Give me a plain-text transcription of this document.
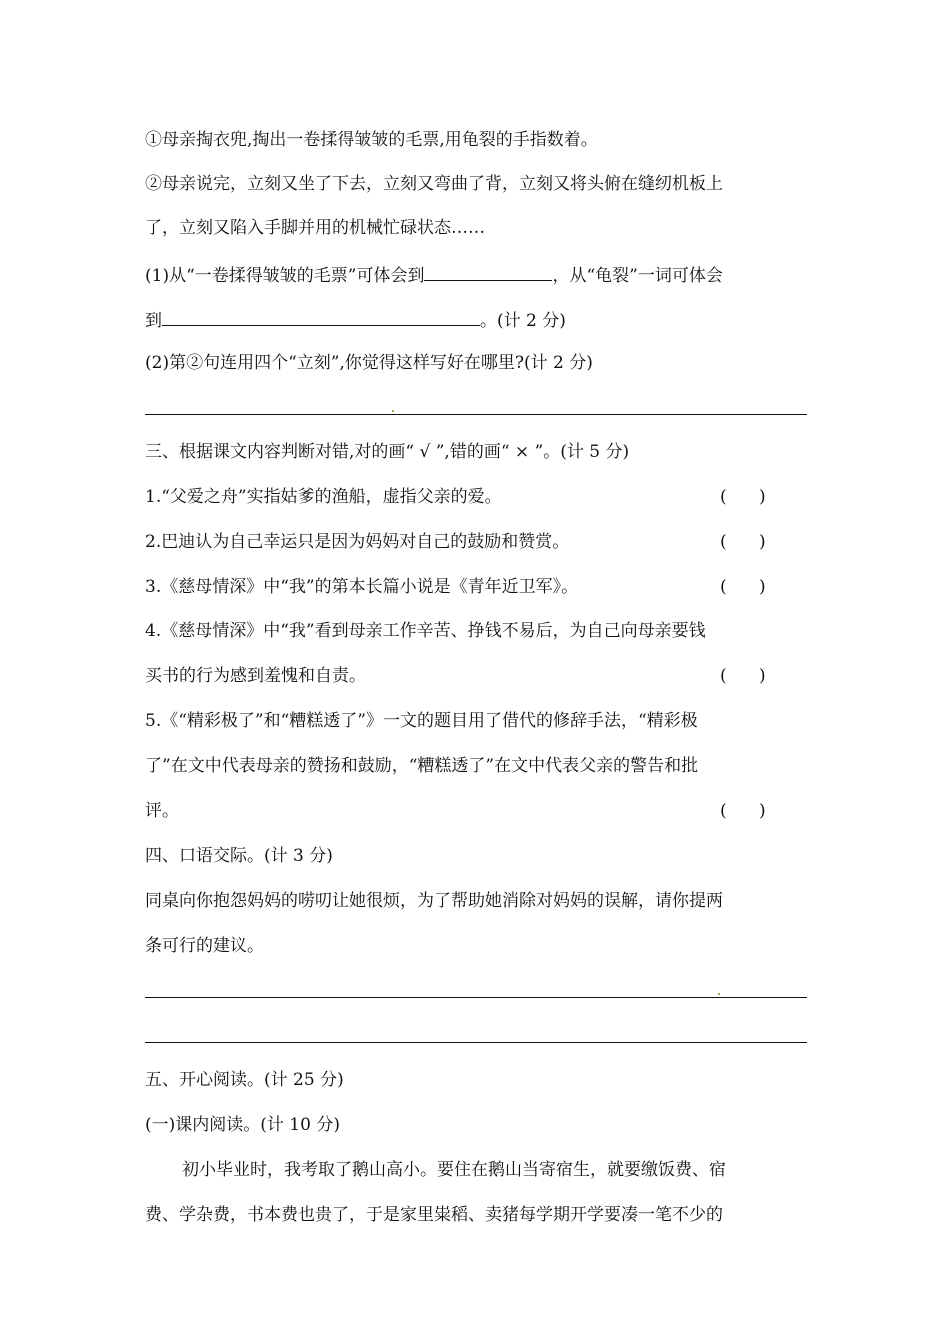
①母亲掏衣兜,掏出一卷揉得皱皱的毛票,用龟裂的手指数着。
②母亲说完，立刻又坐了下去，立刻又弯曲了背，立刻又将头俯在缝纫机板上
了，立刻又陷入手脚并用的机械忙碌状态……
(1)从“一卷揉得皱皱的毛票”可体会到	，从“龟裂”一词可体会
到	。(计 2 分)
(2)第②句连用四个“立刻”,你觉得这样写好在哪里?(计 2 分)
三、根据课文内容判断对错,对的画“ √ ”,错的画“ × ”。(计 5 分)
1.“父爱之舟”实指姑爹的渔船，虚指父亲的爱。	(      )
2.巴迪认为自己幸运只是因为妈妈对自己的鼓励和赞赏。	(      )
3.《慈母情深》中“我”的第本长篇小说是《青年近卫军》。	(      )
4.《慈母情深》中“我”看到母亲工作辛苦、挣钱不易后，为自己向母亲要钱
买书的行为感到羞愧和自责。	(      )
5.《“精彩极了”和“糟糕透了”》一文的题目用了借代的修辞手法，“精彩极
了”在文中代表母亲的赞扬和鼓励，“糟糕透了”在文中代表父亲的警告和批
评。	(      )
四、口语交际。(计 3 分)
同桌向你抱怨妈妈的唠叨让她很烦，为了帮助她消除对妈妈的误解，请你提两
条可行的建议。
五、开心阅读。(计 25 分)
(一)课内阅读。(计 10 分)
初小毕业时，我考取了鹅山高小。要住在鹅山当寄宿生，就要缴饭费、宿
费、学杂费，书本费也贵了，于是家里粜稻、卖猪每学期开学要凑一笔不少的
